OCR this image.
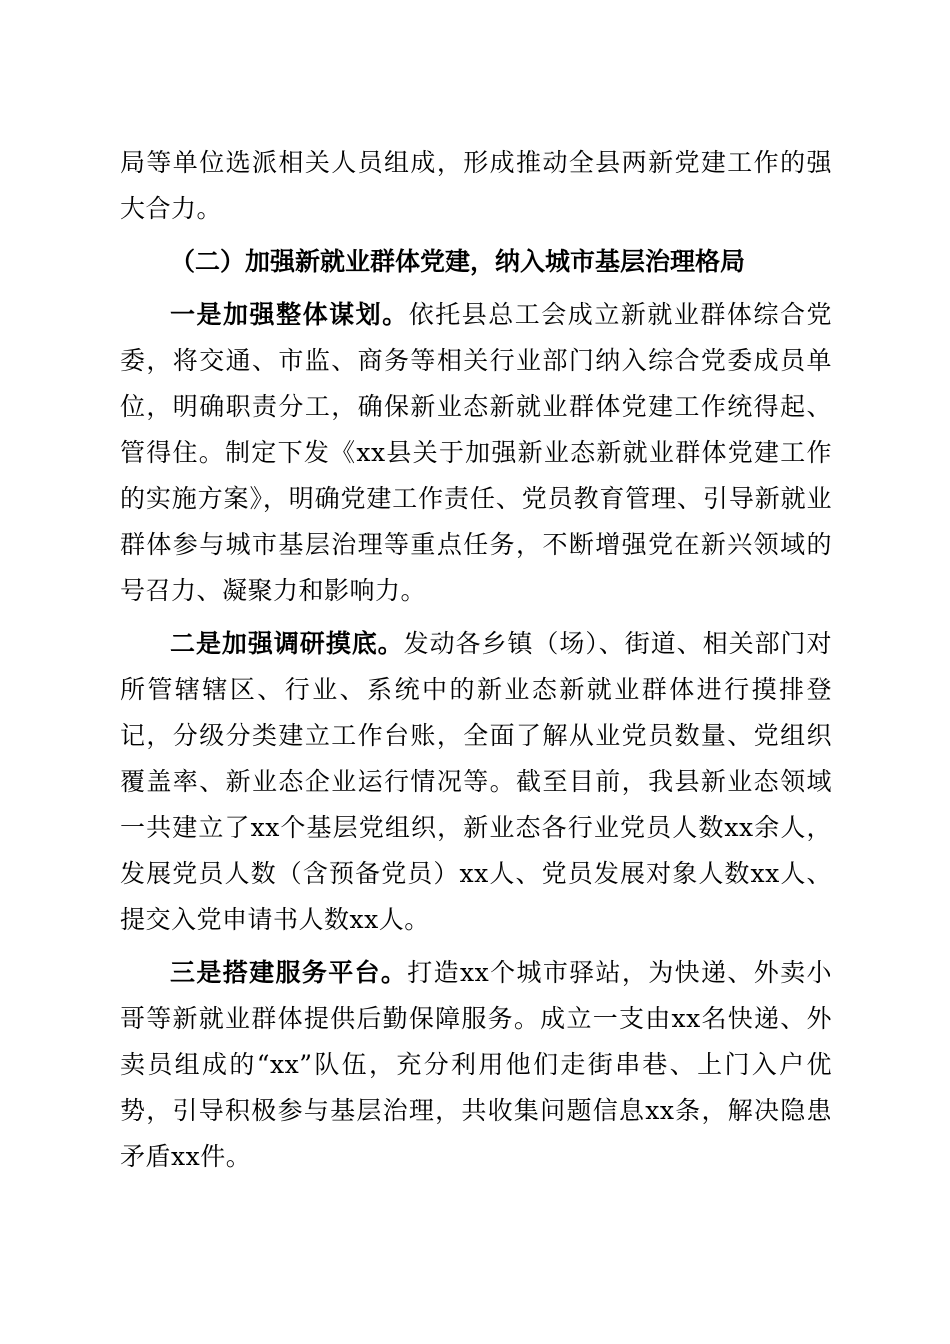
局等单位选派相关人员组成，形成推动全县两新党建工作的强大合力。

（二）加强新就业群体党建，纳入城市基层治理格局

一是加强整体谋划。依托县总工会成立新就业群体综合党委，将交通、市监、商务等相关行业部门纳入综合党委成员单位，明确职责分工，确保新业态新就业群体党建工作统得起、管得住。制定下发《xx县关于加强新业态新就业群体党建工作的实施方案》，明确党建工作责任、党员教育管理、引导新就业群体参与城市基层治理等重点任务，不断增强党在新兴领域的号召力、凝聚力和影响力。

二是加强调研摸底。发动各乡镇（场）、街道、相关部门对所管辖辖区、行业、系统中的新业态新就业群体进行摸排登记，分级分类建立工作台账，全面了解从业党员数量、党组织覆盖率、新业态企业运行情况等。截至目前，我县新业态领域一共建立了xx个基层党组织，新业态各行业党员人数xx余人，发展党员人数（含预备党员）xx人、党员发展对象人数xx人、提交入党申请书人数xx人。

三是搭建服务平台。打造xx个城市驿站，为快递、外卖小哥等新就业群体提供后勤保障服务。成立一支由xx名快递、外卖员组成的“xx”队伍，充分利用他们走街串巷、上门入户优势，引导积极参与基层治理，共收集问题信息xx条，解决隐患矛盾xx件。
